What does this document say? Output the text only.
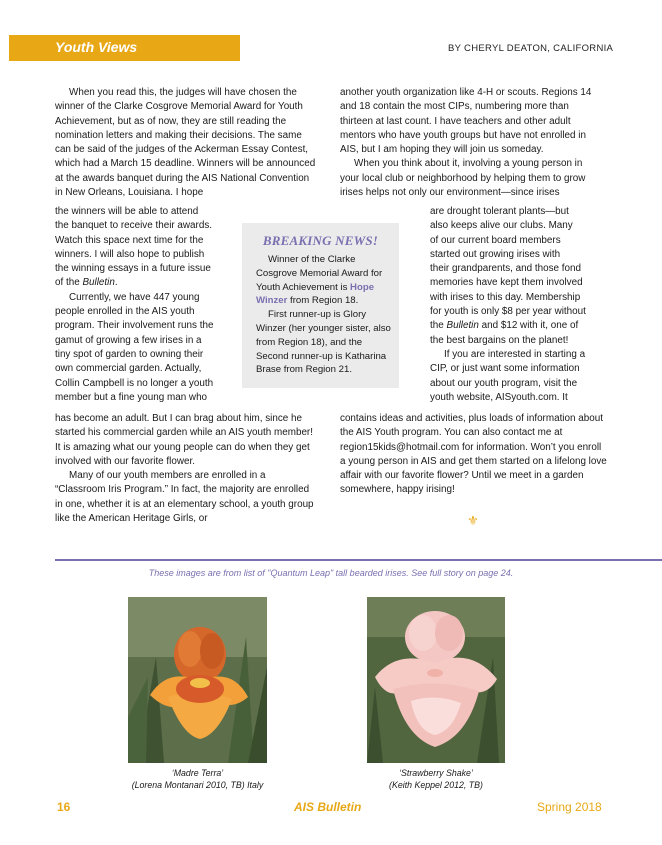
Youth Views	BY CHERYL DEATON, CALIFORNIA

When you read this, the judges will have chosen the winner of the Clarke Cosgrove Memorial Award for Youth Achievement, but as of now, they are still reading the nomination letters and making their decisions. The same can be said of the judges of the Ackerman Essay Contest, which had a March 15 deadline. Winners will be announced at the awards banquet during the AIS National Convention in New Orleans, Louisiana. I hope

the winners will be able to attend

the banquet to receive their awards.

Watch this space next time for the

winners. I will also hope to publish

the winning essays in a future issue

of the Bulletin.

Currently, we have 447 young

people enrolled in the AIS youth

program. Their involvement runs the

gamut of growing a few irises in a

tiny spot of garden to owning their

own commercial garden. Actually,

Collin Campbell is no longer a youth

member but a fine young man who

has become an adult. But I can brag about him, since he started his commercial garden while an AIS youth member! It is amazing what our young people can do when they get involved with our favorite flower.

Many of our youth members are enrolled in a “Classroom Iris Program.” In fact, the majority are enrolled in one, whether it is at an elementary school, a youth group like the American Heritage Girls, or

another youth organization like 4-H or scouts. Regions 14 and 18 contain the most CIPs, numbering more than thirteen at last count. I have teachers and other adult mentors who have youth groups but have not enrolled in AIS, but I am hoping they will join us someday.

When you think about it, involving a young person in your local club or neighborhood by helping them to grow irises helps not only our environment—since irises

are drought tolerant plants—but

also keeps alive our clubs. Many

of our current board members

started out growing irises with

their grandparents, and those fond

memories have kept them involved

with irises to this day. Membership

for youth is only $8 per year without

the Bulletin and $12 with it, one of

the best bargains on the planet!

If you are interested in starting a

CIP, or just want some information

about our youth program, visit the

youth website, AISyouth.com. It

contains ideas and activities, plus loads of information about the AIS Youth program. You can also contact me at region15kids@hotmail.com for information. Won’t you enroll a young person in AIS and get them started on a lifelong love affair with our favorite flower? Until we meet in a garden somewhere, happy irising!

BREAKING NEWS!

Winner of the Clarke Cosgrove Memorial Award for Youth Achievement is Hope Winzer from Region 18.

First runner-up is Glory Winzer (her younger sister, also from Region 18), and the Second runner-up is Katharina Brase from Region 21.

⚜
These images are from list of "Quantum Leap" tall bearded irises. See full story on page 24.
‘Madre Terra’
(Lorena Montanari 2010, TB) Italy
‘Strawberry Shake’
(Keith Keppel 2012, TB)
16	AIS Bulletin	Spring 2018
